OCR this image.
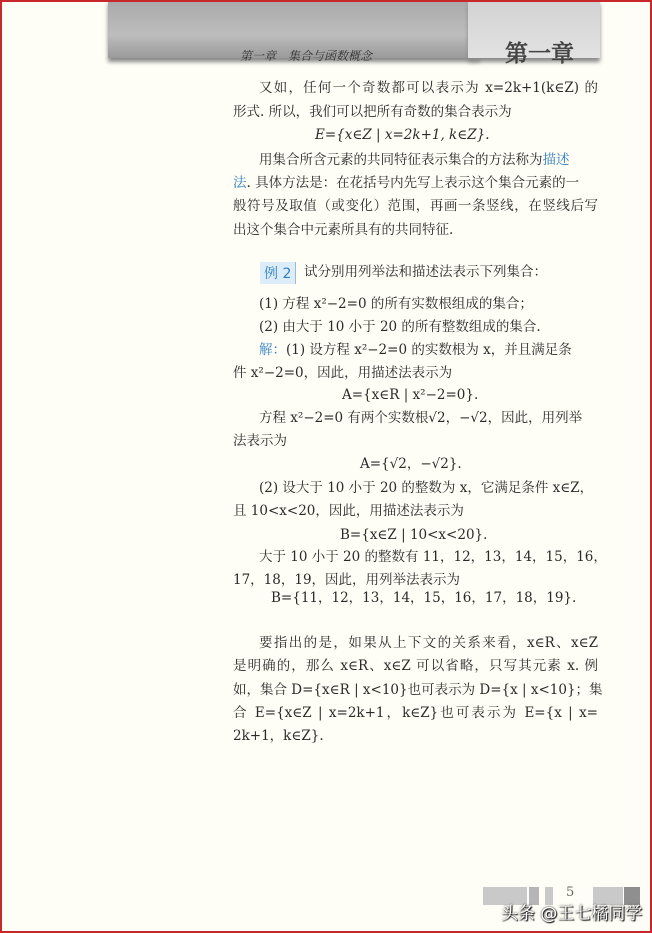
第一章　集合与函数概念	第一章
又如，任何一个奇数都可以表示为 x=2k+1(k∈Z) 的
形式. 所以，我们可以把所有奇数的集合表示为
E={x∈Z | x=2k+1, k∈Z}.
用集合所含元素的共同特征表示集合的方法称为描述
法. 具体方法是：在花括号内先写上表示这个集合元素的一
般符号及取值（或变化）范围，再画一条竖线，在竖线后写
出这个集合中元素所具有的共同特征.
例 2 试分别用列举法和描述法表示下列集合：
(1) 方程 x²−2=0 的所有实数根组成的集合；
(2) 由大于 10 小于 20 的所有整数组成的集合.
解：(1) 设方程 x²−2=0 的实数根为 x，并且满足条
件 x²−2=0，因此，用描述法表示为
A={x∈R | x²−2=0}.
方程 x²−2=0 有两个实数根√2，−√2，因此，用列举
法表示为
A={√2，−√2}.
(2) 设大于 10 小于 20 的整数为 x，它满足条件 x∈Z，
且 10<x<20，因此，用描述法表示为
B={x∈Z | 10<x<20}.
大于 10 小于 20 的整数有 11，12，13，14，15，16，
17，18，19，因此，用列举法表示为
B={11，12，13，14，15，16，17，18，19}.
要指出的是，如果从上下文的关系来看，x∈R、x∈Z
是明确的，那么 x∈R、x∈Z 可以省略，只写其元素 x. 例
如，集合 D={x∈R | x<10}也可表示为 D={x | x<10}；集
合 E={x∈Z | x=2k+1，k∈Z}也可表示为 E={x | x=
2k+1，k∈Z}.
5
头条 @王七橘同学
